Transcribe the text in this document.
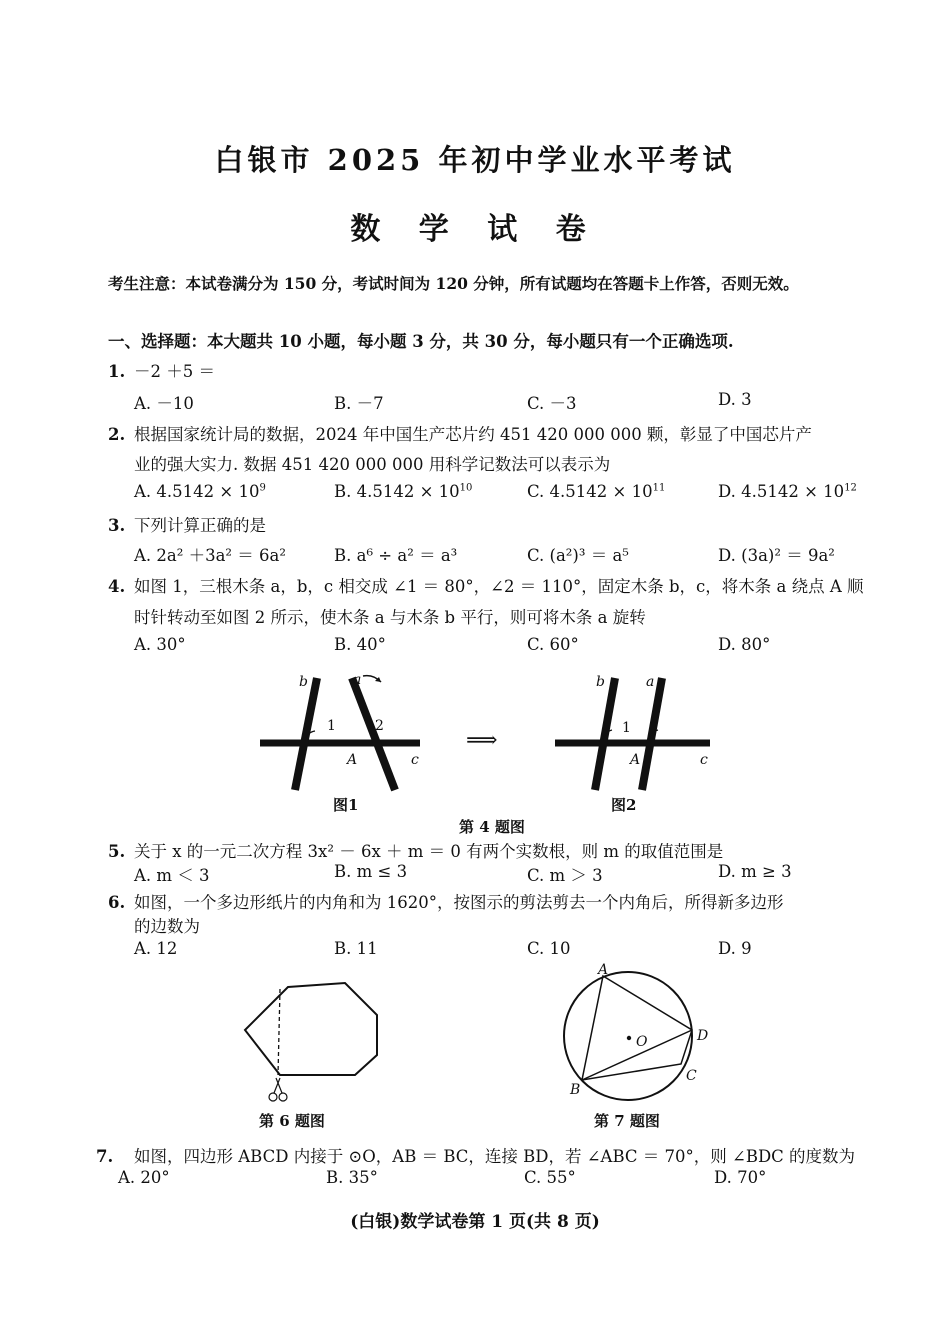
白银市 2025 年初中学业水平考试
数 学 试 卷
考生注意：本试卷满分为 150 分，考试时间为 120 分钟，所有试题均在答题卡上作答，否则无效。
一、选择题：本大题共 10 小题，每小题 3 分，共 30 分，每小题只有一个正确选项.
1. －2 ＋5 ＝
A. －10	B. －7	C. －3	D. 3
2. 根据国家统计局的数据，2024 年中国生产芯片约 451 420 000 000 颗，彰显了中国芯片产
业的强大实力. 数据 451 420 000 000 用科学记数法可以表示为
A. $4.5142 \times 10^9$	B. $4.5142 \times 10^{10}$	C. $4.5142 \times 10^{11}$	D. $4.5142 \times 10^{12}$
3. 下列计算正确的是
A. 2a² ＋3a² ＝ 6a²	B. a⁶ ÷ a² ＝ a³	C. (a²)³ ＝ a⁵	D. (3a)² ＝ 9a²
4. 如图 1，三根木条 a，b，c 相交成 ∠1 ＝ 80°，∠2 ＝ 110°，固定木条 b，c，将木条 a 绕点 A 顺
时针转动至如图 2 所示，使木条 a 与木条 b 平行，则可将木条 a 旋转
A. 30°	B. 40°	C. 60°	D. 80°
b	a
1	2
A	c
图1
⟹
b	a
1
A	c
图2
第 4 题图
5. 关于 x 的一元二次方程 3x² － 6x ＋ m ＝ 0 有两个实数根，则 m 的取值范围是
A. m ＜ 3	B. m ≤ 3	C. m ＞ 3	D. m ≥ 3
6. 如图，一个多边形纸片的内角和为 1620°，按图示的剪法剪去一个内角后，所得新多边形
的边数为
A. 12	B. 11	C. 10	D. 9
第 6 题图
A
D
C
B
O
第 7 题图
7. 如图，四边形 ABCD 内接于 ⊙O，AB ＝ BC，连接 BD，若 ∠ABC ＝ 70°，则 ∠BDC 的度数为
A. 20°	B. 35°	C. 55°	D. 70°
(白银)数学试卷第 1 页(共 8 页)
